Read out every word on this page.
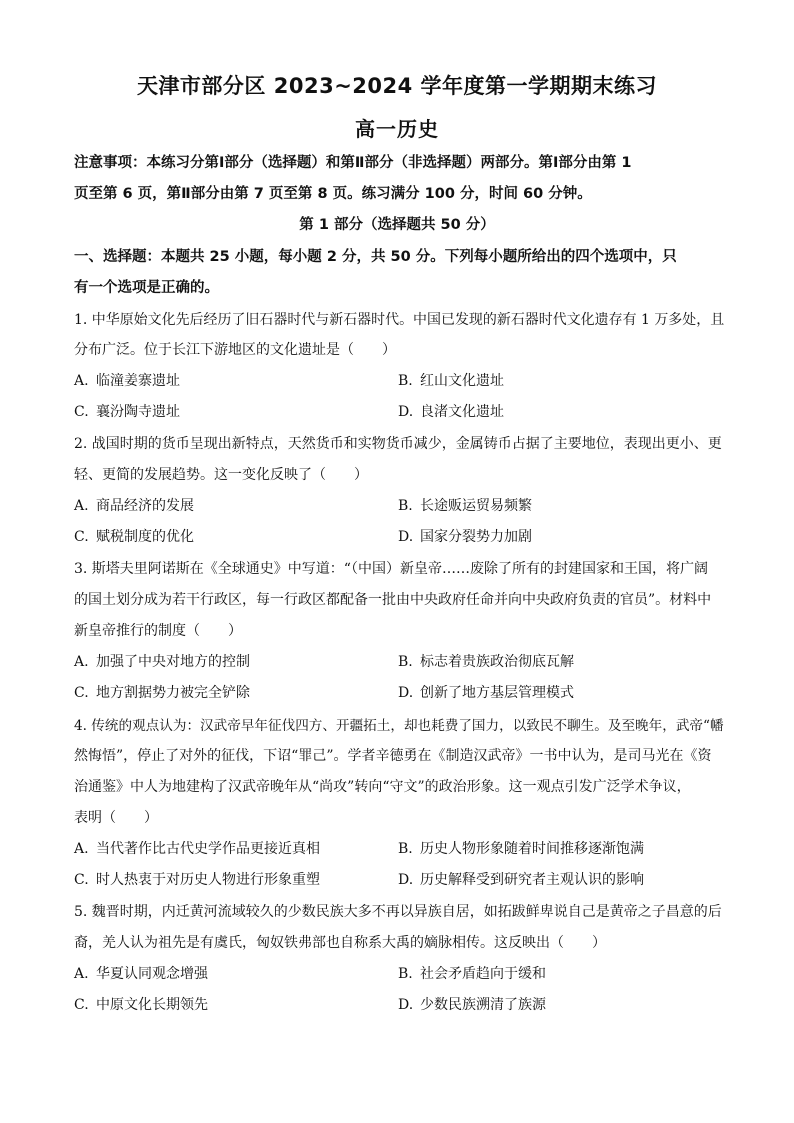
天津市部分区 2023~2024 学年度第一学期期末练习
高一历史
注意事项：本练习分第Ⅰ部分（选择题）和第Ⅱ部分（非选择题）两部分。第Ⅰ部分由第 1
页至第 6 页，第Ⅱ部分由第 7 页至第 8 页。练习满分 100 分，时间 60 分钟。
第 1 部分（选择题共 50 分）
一、选择题：本题共 25 小题，每小题 2 分，共 50 分。下列每小题所给出的四个选项中，只
有一个选项是正确的。
1. 中华原始文化先后经历了旧石器时代与新石器时代。中国已发现的新石器时代文化遗存有 1 万多处，且
分布广泛。位于长江下游地区的文化遗址是（　　）
A. 临潼姜寨遗址	B. 红山文化遗址
C. 襄汾陶寺遗址	D. 良渚文化遗址
2. 战国时期的货币呈现出新特点，天然货币和实物货币减少，金属铸币占据了主要地位，表现出更小、更
轻、更简的发展趋势。这一变化反映了（　　）
A. 商品经济的发展	B. 长途贩运贸易频繁
C. 赋税制度的优化	D. 国家分裂势力加剧
3. 斯塔夫里阿诺斯在《全球通史》中写道：“（中国）新皇帝……废除了所有的封建国家和王国，将广阔
的国土划分成为若干行政区，每一行政区都配备一批由中央政府任命并向中央政府负责的官员”。材料中
新皇帝推行的制度（　　）
A. 加强了中央对地方的控制	B. 标志着贵族政治彻底瓦解
C. 地方割据势力被完全铲除	D. 创新了地方基层管理模式
4. 传统的观点认为：汉武帝早年征伐四方、开疆拓土，却也耗费了国力，以致民不聊生。及至晚年，武帝“幡
然悔悟”，停止了对外的征伐，下诏“罪己”。学者辛德勇在《制造汉武帝》一书中认为，是司马光在《资
治通鉴》中人为地建构了汉武帝晚年从“尚攻”转向“守文”的政治形象。这一观点引发广泛学术争议，
表明（　　）
A. 当代著作比古代史学作品更接近真相	B. 历史人物形象随着时间推移逐渐饱满
C. 时人热衷于对历史人物进行形象重塑	D. 历史解释受到研究者主观认识的影响
5. 魏晋时期，内迁黄河流域较久的少数民族大多不再以异族自居，如拓跋鲜卑说自己是黄帝之子昌意的后
裔，羌人认为祖先是有虞氏，匈奴铁弗部也自称系大禹的嫡脉相传。这反映出（　　）
A. 华夏认同观念增强	B. 社会矛盾趋向于缓和
C. 中原文化长期领先	D. 少数民族溯清了族源
